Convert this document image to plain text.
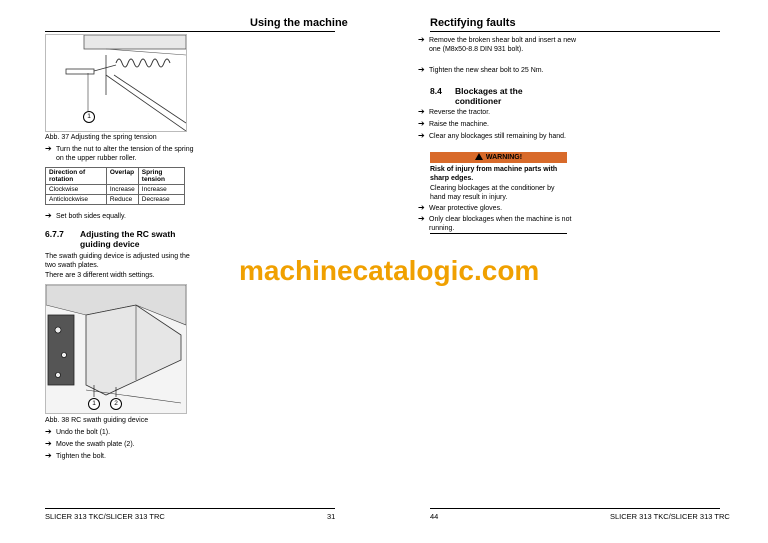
Using the machine
1
Abb. 37 Adjusting the spring tension
➔ Turn the nut to alter the tension of the spring on the upper rubber roller.
Direction of rotation	Overlap	Spring tension
Clockwise	Increase	Increase
Anticlockwise	Reduce	Decrease
➔ Set both sides equally.
6.7.7 Adjusting the RC swath guiding device
The swath guiding device is adjusted using the two swath plates.
There are 3 different width settings.
1	2
Abb. 38 RC swath guiding device
➔ Undo the bolt (1).
➔ Move the swath plate (2).
➔ Tighten the bolt.
SLICER 313 TKC/SLICER 313 TRC	31
Rectifying faults
➔ Remove the broken shear bolt and insert a new one (M8x50-8.8 DIN 931 bolt).
➔ Tighten the new shear bolt to 25 Nm.
8.4 Blockages at the conditioner
➔ Reverse the tractor.
➔ Raise the machine.
➔ Clear any blockages still remaining by hand.
WARNING!
Risk of injury from machine parts with sharp edges.
Clearing blockages at the conditioner by hand may result in injury.
➔ Wear protective gloves.
➔ Only clear blockages when the machine is not running.
44	SLICER 313 TKC/SLICER 313 TRC
machinecatalogic.com
